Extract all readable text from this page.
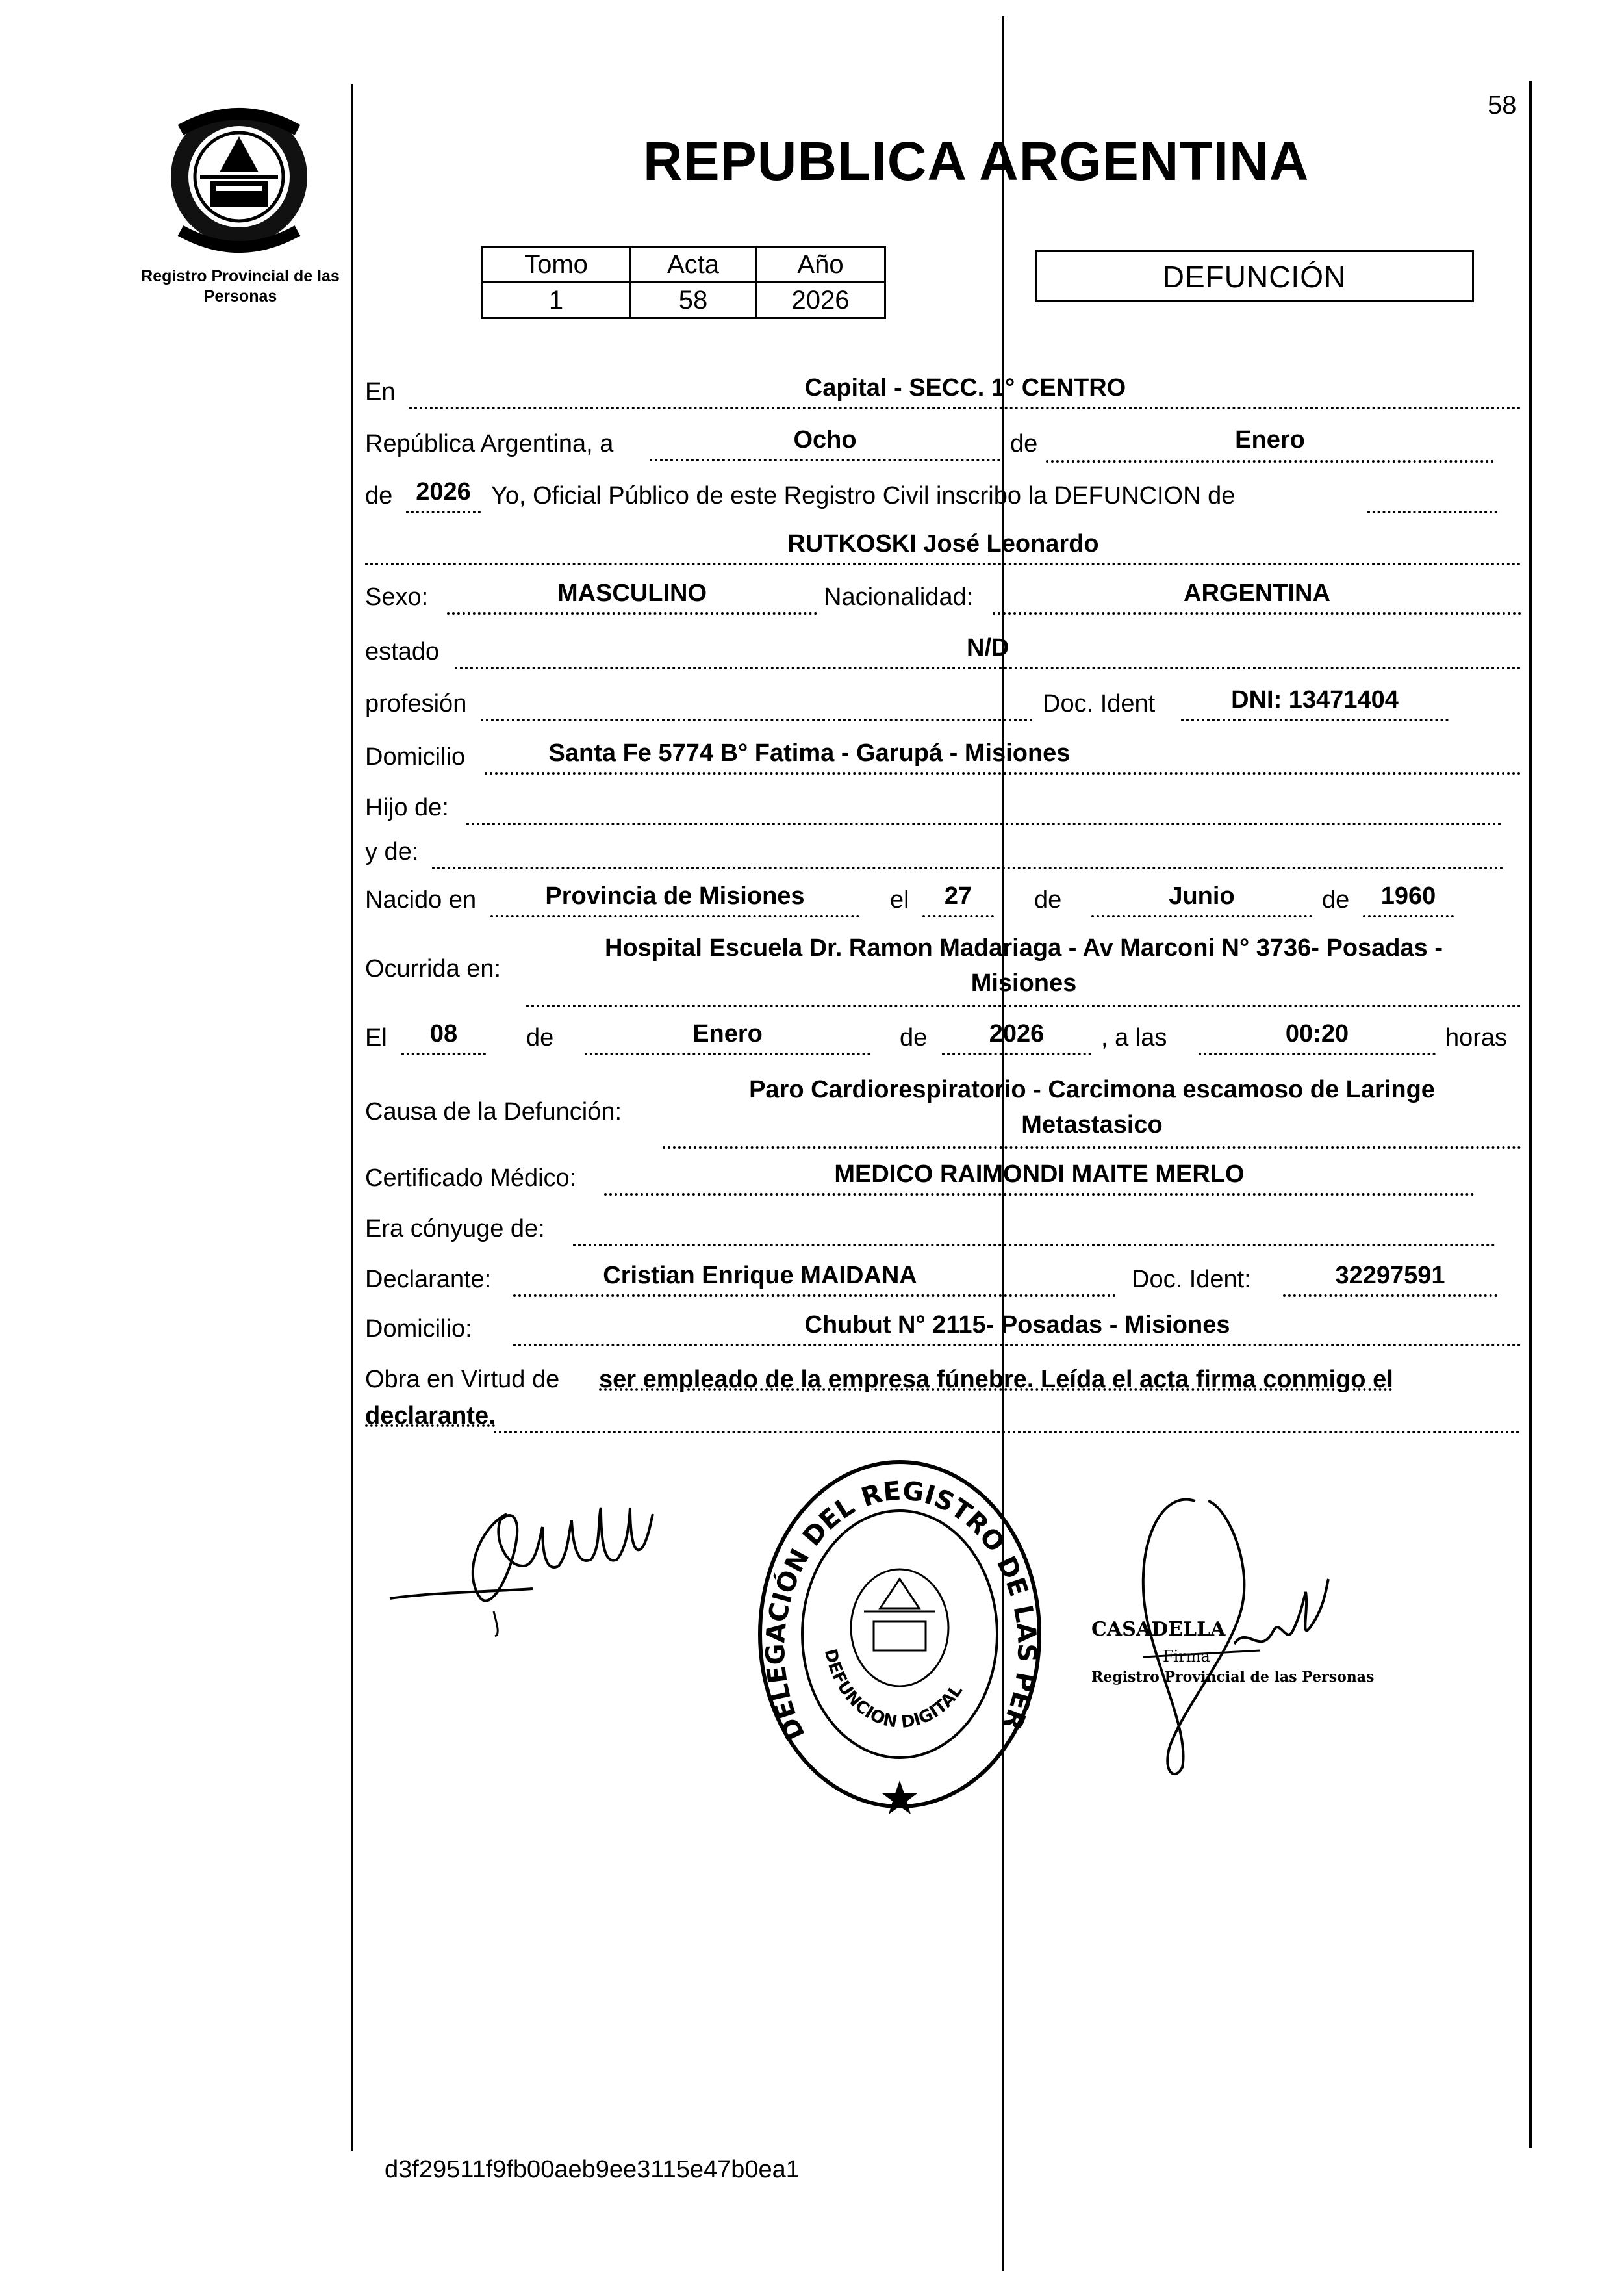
58
Registro Provincial de las Personas
REPUBLICA ARGENTINA
Tomo	Acta	Año
1	58	2026
DEFUNCIÓN
En	Capital - SECC. 1° CENTRO
República Argentina, a	Ocho	de	Enero
de 2026 Yo, Oficial Público de este Registro Civil inscribo la DEFUNCION de
RUTKOSKI José Leonardo
Sexo:	MASCULINO	Nacionalidad:	ARGENTINA
estado	N/D
profesión	Doc. Ident	DNI: 13471404
Domicilio	Santa Fe 5774 B° Fatima - Garupá - Misiones
Hijo de:
y de:
Nacido en	Provincia de Misiones	el	27	de	Junio	de	1960
Ocurrida en:
Hospital Escuela Dr. Ramon Madariaga - Av Marconi N° 3736- Posadas -
Misiones
El	08	de	Enero	de	2026	, a las	00:20	horas
Causa de la Defunción:
Paro Cardiorespiratorio - Carcimona escamoso de Laringe
Metastasico
Certificado Médico:	MEDICO RAIMONDI MAITE MERLO
Era cónyuge de:
Declarante:	Cristian Enrique MAIDANA	Doc. Ident:	32297591
Domicilio:	Chubut N° 2115- Posadas - Misiones
Obra en Virtud de ser empleado de la empresa fúnebre. Leída el acta firma conmigo el
declarante.
DELEGACIÓN DEL REGISTRO DE LAS PER
DEFUNCION DIGITAL
CASADELLA
Firma
Registro Provincial de las Personas
d3f29511f9fb00aeb9ee3115e47b0ea1
